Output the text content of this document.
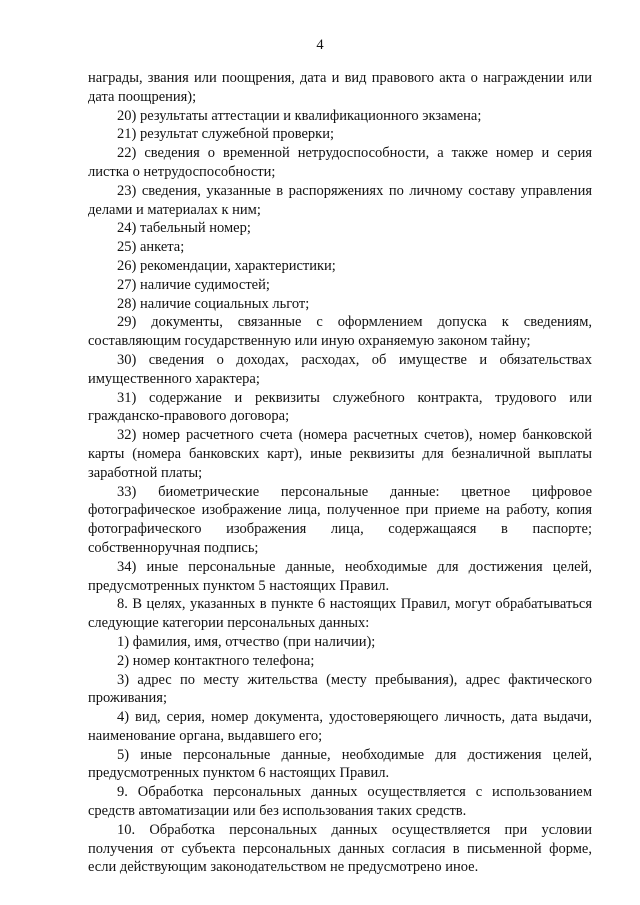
4

награды, звания или поощрения, дата и вид правового акта о награждении или дата поощрения);

20) результаты аттестации и квалификационного экзамена;

21) результат служебной проверки;

22) сведения о временной нетрудоспособности, а также номер и серия листка о нетрудоспособности;

23) сведения, указанные в распоряжениях по личному составу управления делами и материалах к ним;

24) табельный номер;

25) анкета;

26) рекомендации, характеристики;

27) наличие судимостей;

28) наличие социальных льгот;

29) документы, связанные с оформлением допуска к сведениям, составляющим государственную или иную охраняемую законом тайну;

30) сведения о доходах, расходах, об имуществе и обязательствах имущественного характера;

31) содержание и реквизиты служебного контракта, трудового или гражданско-правового договора;

32) номер расчетного счета (номера расчетных счетов), номер банковской карты (номера банковских карт), иные реквизиты для безналичной выплаты заработной платы;

33) биометрические персональные данные: цветное цифровое фотографическое изображение лица, полученное при приеме на работу, копия фотографического изображения лица, содержащаяся в паспорте; собственноручная подпись;

34) иные персональные данные, необходимые для достижения целей, предусмотренных пунктом 5 настоящих Правил.

8. В целях, указанных в пункте 6 настоящих Правил, могут обрабатываться следующие категории персональных данных:

1) фамилия, имя, отчество (при наличии);

2) номер контактного телефона;

3) адрес по месту жительства (месту пребывания), адрес фактического проживания;

4) вид, серия, номер документа, удостоверяющего личность, дата выдачи, наименование органа, выдавшего его;

5) иные персональные данные, необходимые для достижения целей, предусмотренных пунктом 6 настоящих Правил.

9. Обработка персональных данных осуществляется с использованием средств автоматизации или без использования таких средств.

10. Обработка персональных данных осуществляется при условии получения от субъекта персональных данных согласия в письменной форме, если действующим законодательством не предусмотрено иное.
